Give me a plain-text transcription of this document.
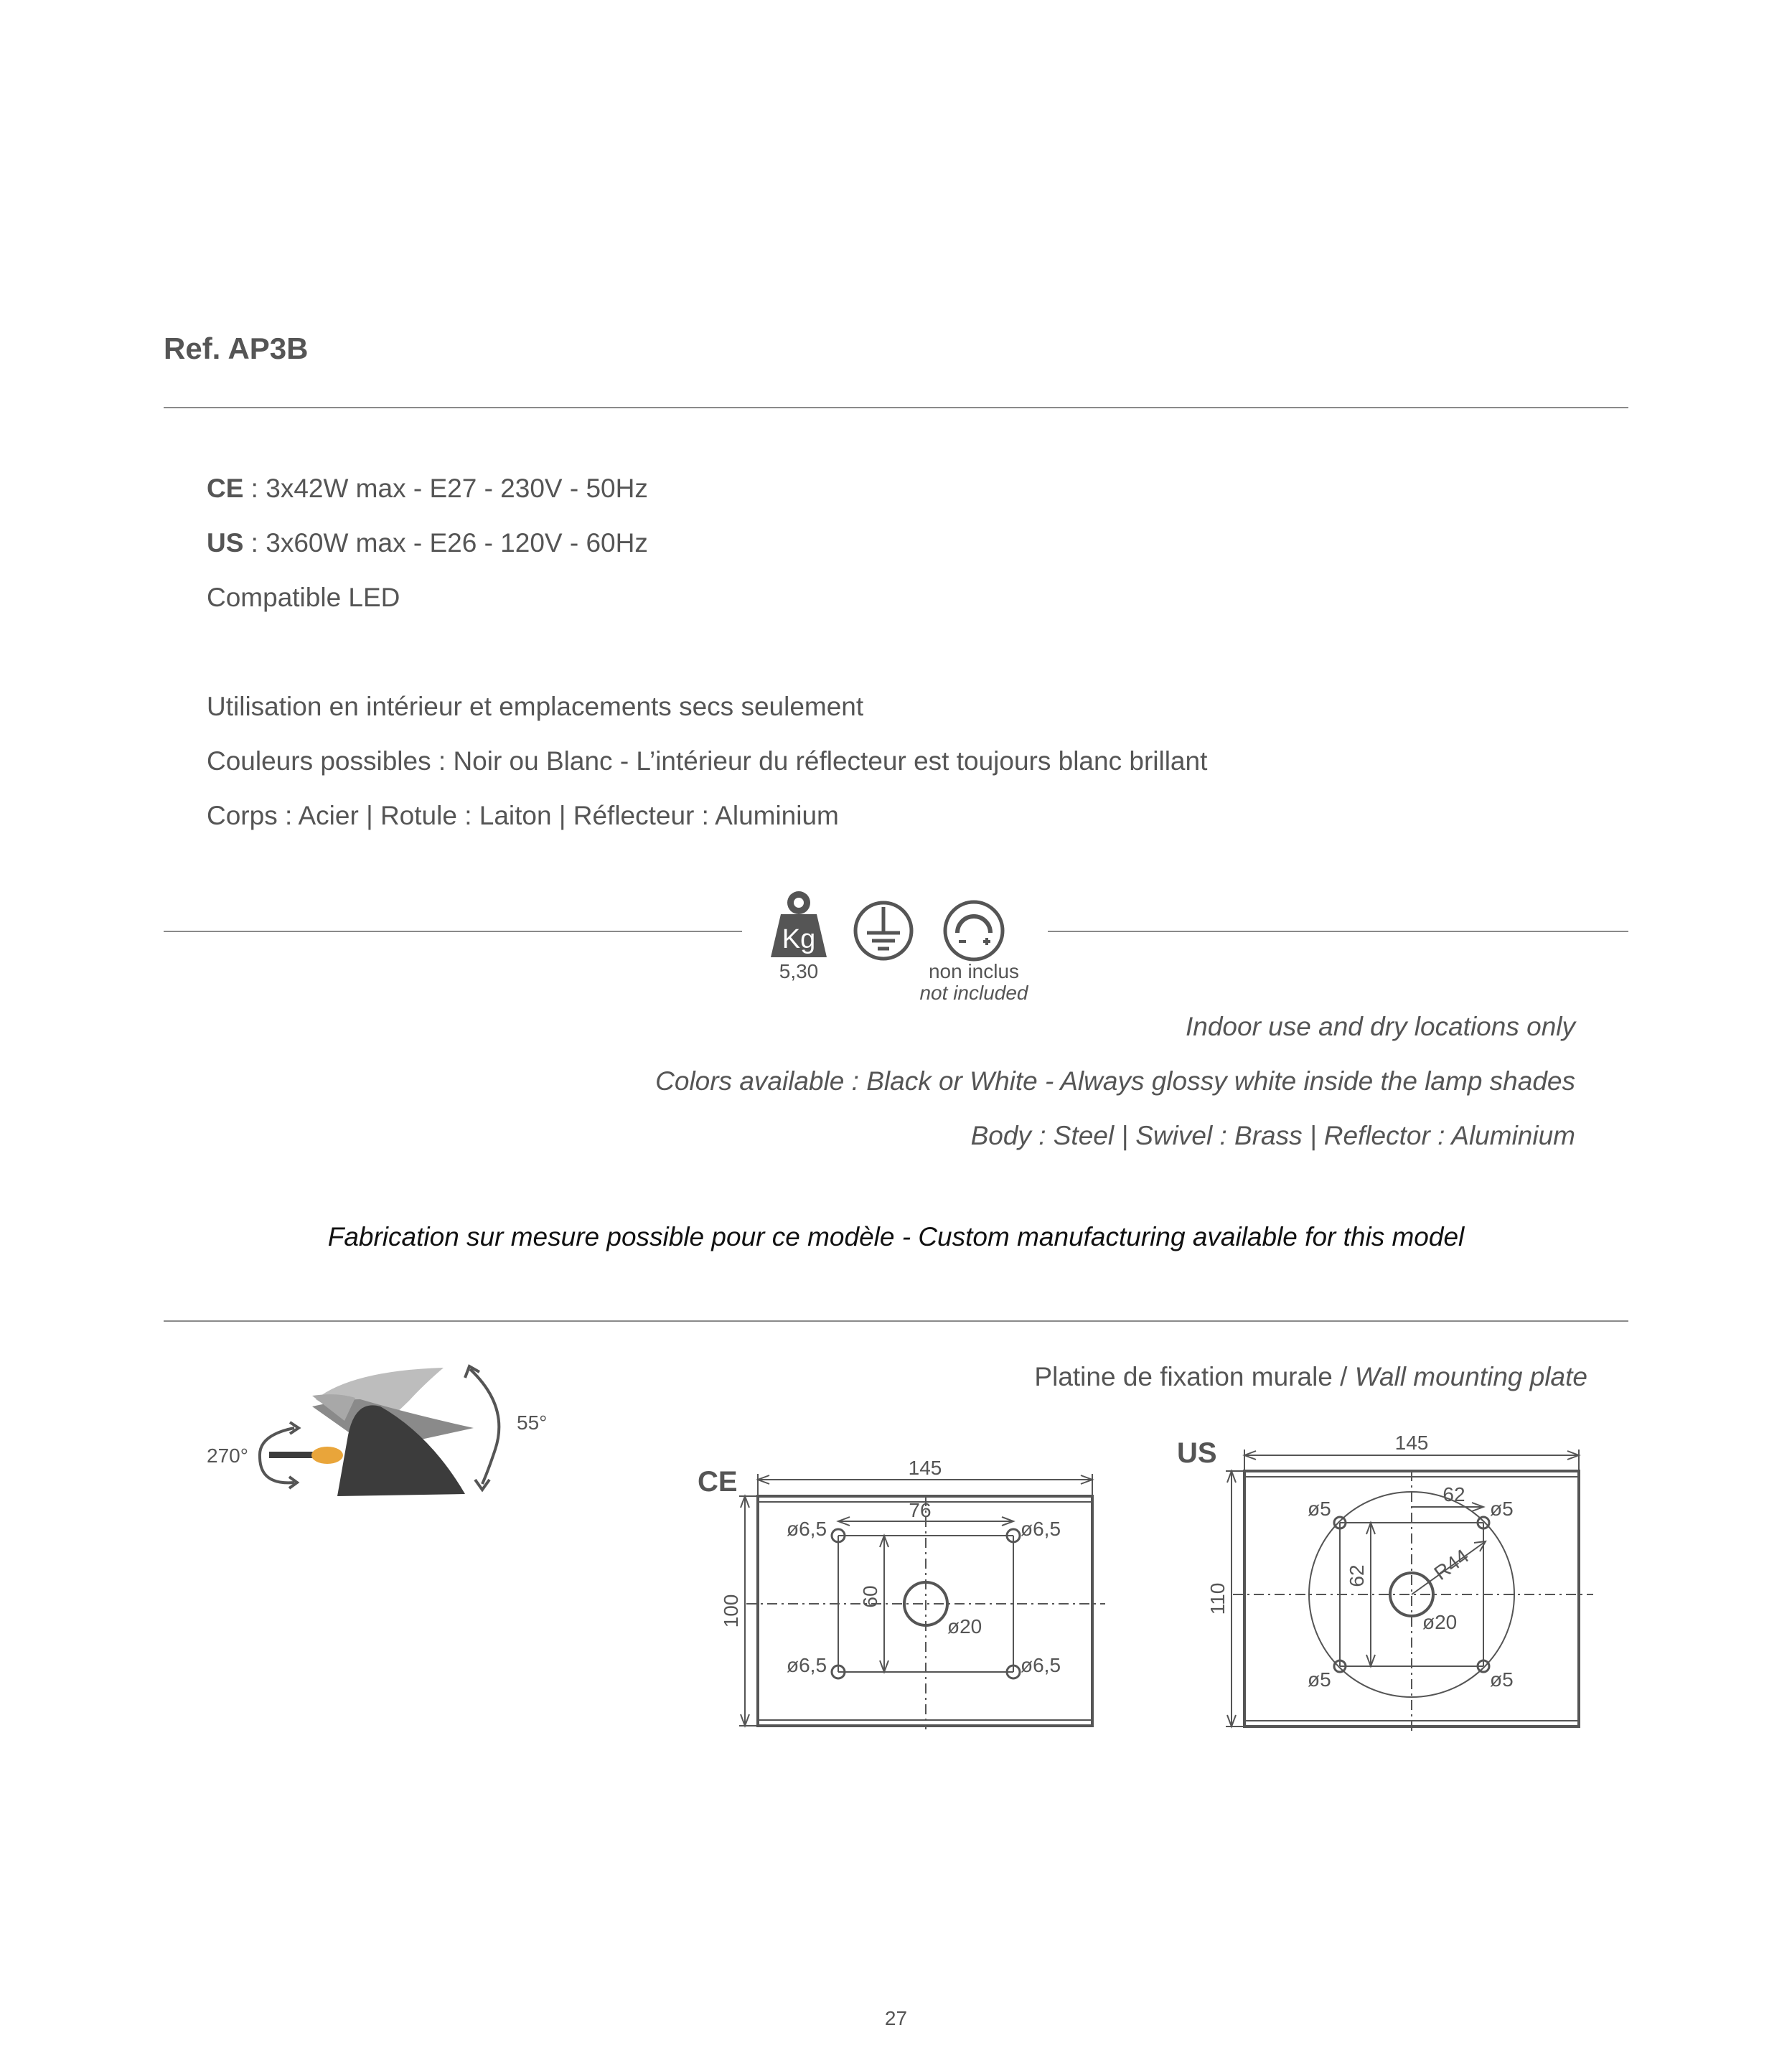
Ref. AP3B
CE : 3x42W max - E27 - 230V - 50Hz
US : 3x60W max - E26 - 120V - 60Hz
Compatible LED
Utilisation en intérieur et emplacements secs seulement
Couleurs possibles : Noir ou Blanc - L’intérieur du réflecteur est toujours blanc brillant
Corps : Acier | Rotule : Laiton | Réflecteur : Aluminium
Kg
5,30	non inclus
not included
Indoor use and dry locations only
Colors available : Black or White - Always glossy white inside the lamp shades
Body : Steel | Swivel : Brass | Reflector : Aluminium
Fabrication sur mesure possible pour ce modèle - Custom manufacturing available for this model
270°
55°
Platine de fixation murale / Wall mounting plate
CE	145
100
76
60
ø6,5	ø6,5
ø6,5	ø6,5
ø20
US	145
110
62
62	R44
ø5	ø5
ø5	ø5
ø20
27
